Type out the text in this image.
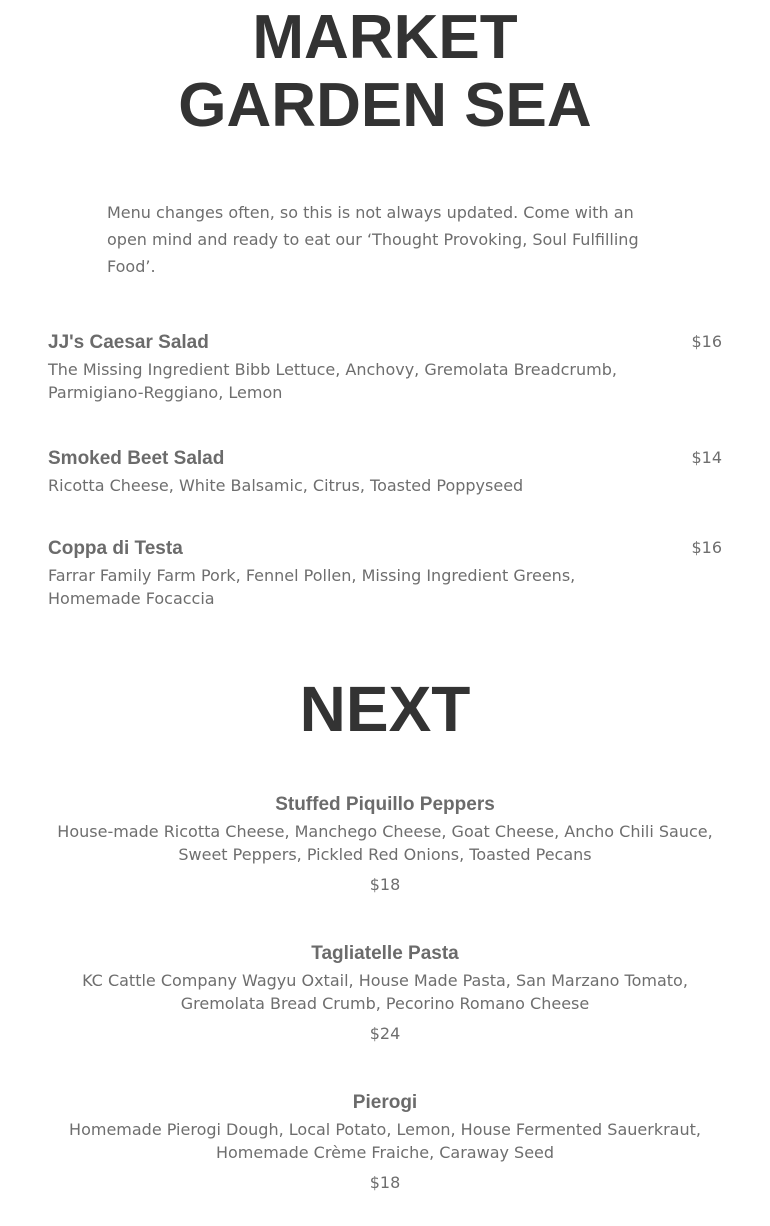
MARKET
GARDEN SEA

Menu changes often, so this is not always updated. Come with an open mind and ready to eat our ‘Thought Provoking, Soul Fulfilling Food’.

JJ's Caesar Salad	$16
The Missing Ingredient Bibb Lettuce, Anchovy, Gremolata Breadcrumb, Parmigiano-Reggiano, Lemon
Smoked Beet Salad	$14
Ricotta Cheese, White Balsamic, Citrus, Toasted Poppyseed
Coppa di Testa	$16
Farrar Family Farm Pork, Fennel Pollen, Missing Ingredient Greens, Homemade Focaccia
NEXT
Stuffed Piquillo Peppers
House-made Ricotta Cheese, Manchego Cheese, Goat Cheese, Ancho Chili Sauce, Sweet Peppers, Pickled Red Onions, Toasted Pecans
$18
Tagliatelle Pasta
KC Cattle Company Wagyu Oxtail, House Made Pasta, San Marzano Tomato, Gremolata Bread Crumb, Pecorino Romano Cheese
$24
Pierogi
Homemade Pierogi Dough, Local Potato, Lemon, House Fermented Sauerkraut, Homemade Crème Fraiche, Caraway Seed
$18
